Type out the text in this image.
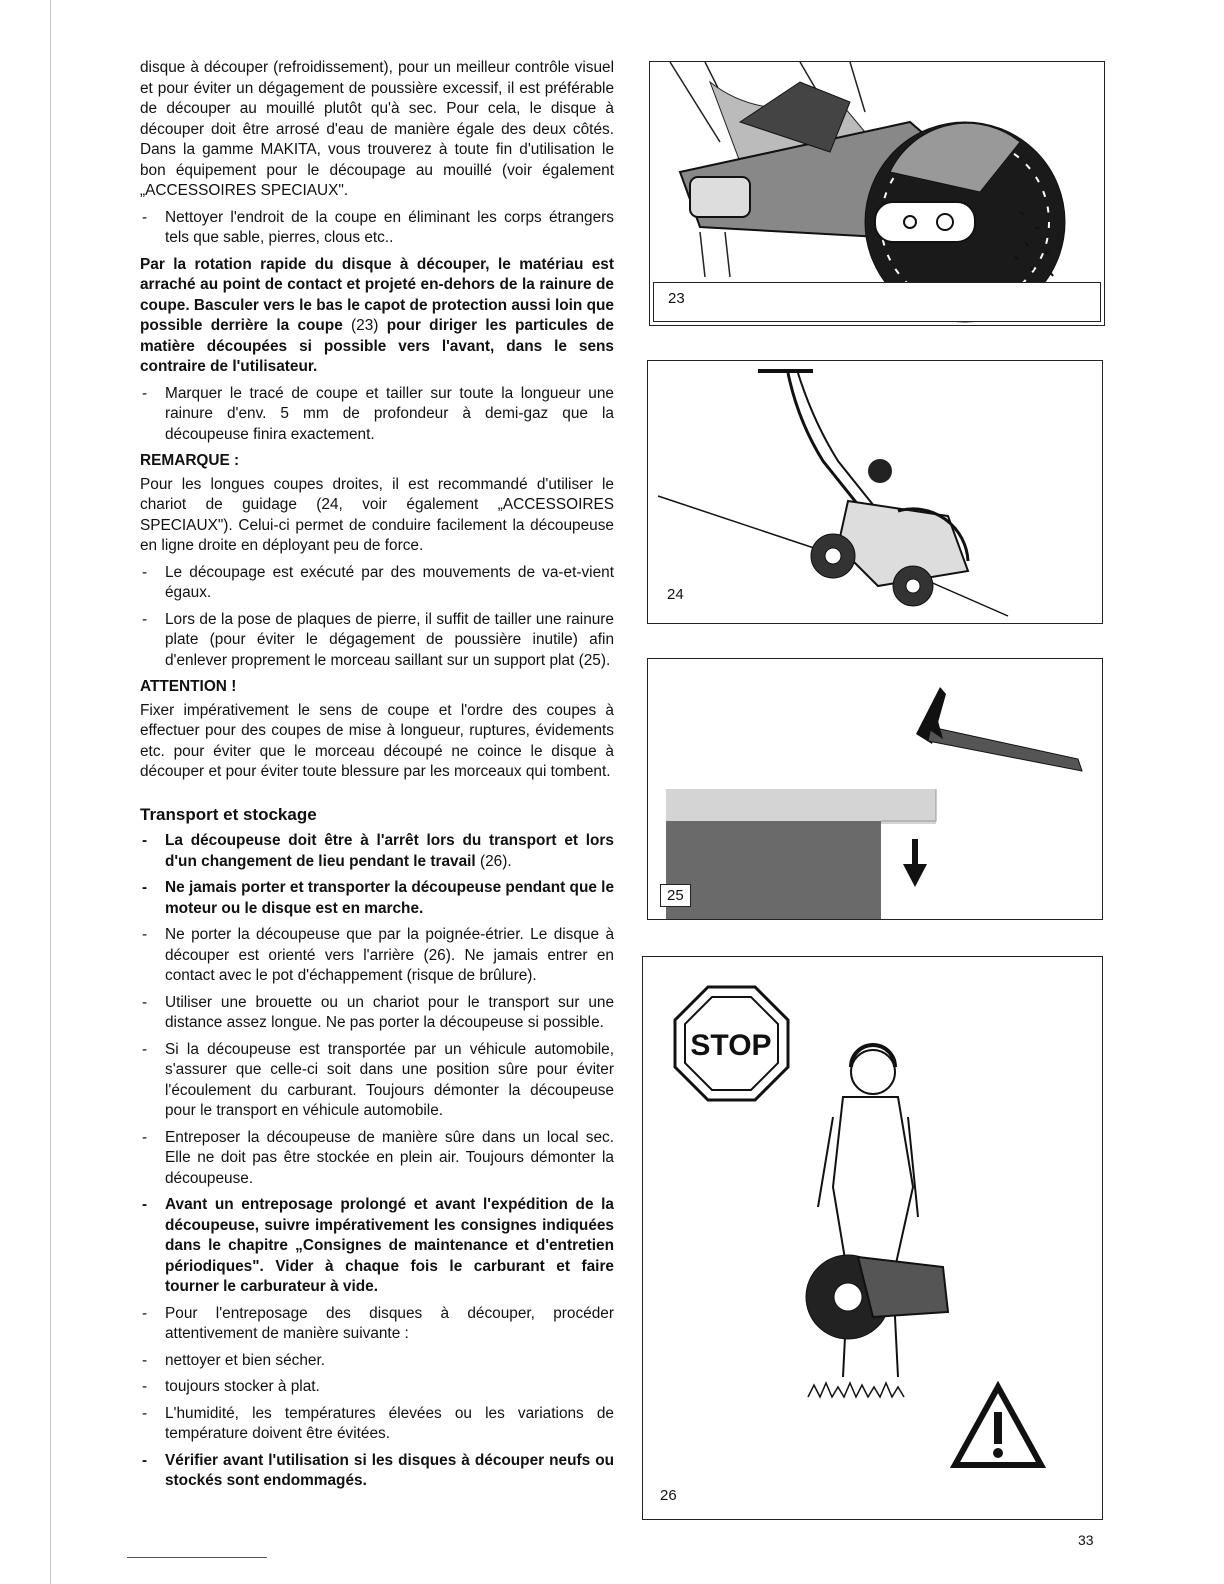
disque à découper (refroidissement), pour un meilleur contrôle visuel et pour éviter un dégagement de poussière excessif, il est préférable de découper au mouillé plutôt qu'à sec. Pour cela, le disque à découper doit être arrosé d'eau de manière égale des deux côtés. Dans la gamme MAKITA, vous trouverez à toute fin d'utilisation le bon équipement pour le découpage au mouillé (voir également „ACCESSOIRES SPECIAUX".

- Nettoyer l'endroit de la coupe en éliminant les corps étrangers tels que sable, pierres, clous etc..

Par la rotation rapide du disque à découper, le matériau est arraché au point de contact et projeté en-dehors de la rainure de coupe. Basculer vers le bas le capot de protection aussi loin que possible derrière la coupe (23) pour diriger les particules de matière découpées si possible vers l'avant, dans le sens contraire de l'utilisateur.

- Marquer le tracé de coupe et tailler sur toute la longueur une rainure d'env. 5 mm de profondeur à demi-gaz que la découpeuse finira exactement.
REMARQUE :

Pour les longues coupes droites, il est recommandé d'utiliser le chariot de guidage (24, voir également „ACCESSOIRES SPECIAUX"). Celui-ci permet de conduire facilement la découpeuse en ligne droite en déployant peu de force.

- Le découpage est exécuté par des mouvements de va-et-vient égaux.
- Lors de la pose de plaques de pierre, il suffit de tailler une rainure plate (pour éviter le dégagement de poussière inutile) afin d'enlever proprement le morceau saillant sur un support plat (25).
ATTENTION !

Fixer impérativement le sens de coupe et l'ordre des coupes à effectuer pour des coupes de mise à longueur, ruptures, évidements etc. pour éviter que le morceau découpé ne coince le disque à découper et pour éviter toute blessure par les morceaux qui tombent.

Transport et stockage
- La découpeuse doit être à l'arrêt lors du transport et lors d'un changement de lieu pendant le travail (26).
- Ne jamais porter et transporter la découpeuse pendant que le moteur ou le disque est en marche.
- Ne porter la découpeuse que par la poignée-étrier. Le disque à découper est orienté vers l'arrière (26). Ne jamais entrer en contact avec le pot d'échappement (risque de brûlure).
- Utiliser une brouette ou un chariot pour le transport sur une distance assez longue. Ne pas porter la découpeuse si possible.
- Si la découpeuse est transportée par un véhicule automobile, s'assurer que celle-ci soit dans une position sûre pour éviter l'écoulement du carburant. Toujours démonter la découpeuse pour le transport en véhicule automobile.
- Entreposer la découpeuse de manière sûre dans un local sec. Elle ne doit pas être stockée en plein air. Toujours démonter la découpeuse.
- Avant un entreposage prolongé et avant l'expédition de la découpeuse, suivre impérativement les consignes indiquées dans le chapitre „Consignes de maintenance et d'entretien périodiques". Vider à chaque fois le carburant et faire tourner le carburateur à vide.
- Pour l'entreposage des disques à découper, procéder attentivement de manière suivante :
- nettoyer et bien sécher.
- toujours stocker à plat.
- L'humidité, les températures élevées ou les variations de température doivent être évitées.
- Vérifier avant l'utilisation si les disques à découper neufs ou stockés sont endommagés.
23
24
25
STOP
26
33
